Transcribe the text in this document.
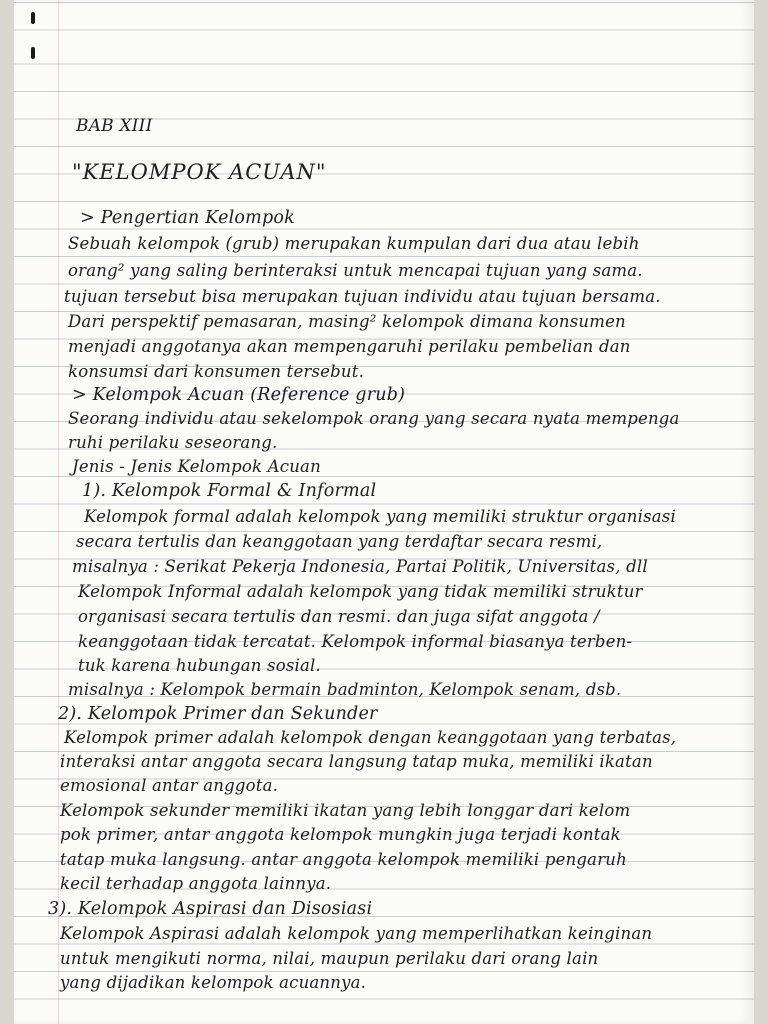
BAB XIII
"KELOMPOK ACUAN"
> Pengertian Kelompok
Sebuah kelompok (grub) merupakan kumpulan dari dua atau lebih
orang² yang saling berinteraksi untuk mencapai tujuan yang sama.
tujuan tersebut bisa merupakan tujuan individu atau tujuan bersama.
Dari perspektif pemasaran, masing² kelompok dimana konsumen
menjadi anggotanya akan mempengaruhi perilaku pembelian dan
konsumsi dari konsumen tersebut.
> Kelompok Acuan (Reference grub)
Seorang individu atau sekelompok orang yang secara nyata mempenga
ruhi perilaku seseorang.
Jenis - Jenis Kelompok Acuan
1). Kelompok Formal & Informal
Kelompok formal adalah kelompok yang memiliki struktur organisasi
secara tertulis dan keanggotaan yang terdaftar secara resmi,
misalnya : Serikat Pekerja Indonesia, Partai Politik, Universitas, dll
Kelompok Informal adalah kelompok yang tidak memiliki struktur
organisasi secara tertulis dan resmi. dan juga sifat anggota /
keanggotaan tidak tercatat. Kelompok informal biasanya terben-
tuk karena hubungan sosial.
misalnya : Kelompok bermain badminton, Kelompok senam, dsb.
2). Kelompok Primer dan Sekunder
Kelompok primer adalah kelompok dengan keanggotaan yang terbatas,
interaksi antar anggota secara langsung tatap muka, memiliki ikatan
emosional antar anggota.
Kelompok sekunder memiliki ikatan yang lebih longgar dari kelom
pok primer, antar anggota kelompok mungkin juga terjadi kontak
tatap muka langsung. antar anggota kelompok memiliki pengaruh
kecil terhadap anggota lainnya.
3). Kelompok Aspirasi dan Disosiasi
Kelompok Aspirasi adalah kelompok yang memperlihatkan keinginan
untuk mengikuti norma, nilai, maupun perilaku dari orang lain
yang dijadikan kelompok acuannya.
